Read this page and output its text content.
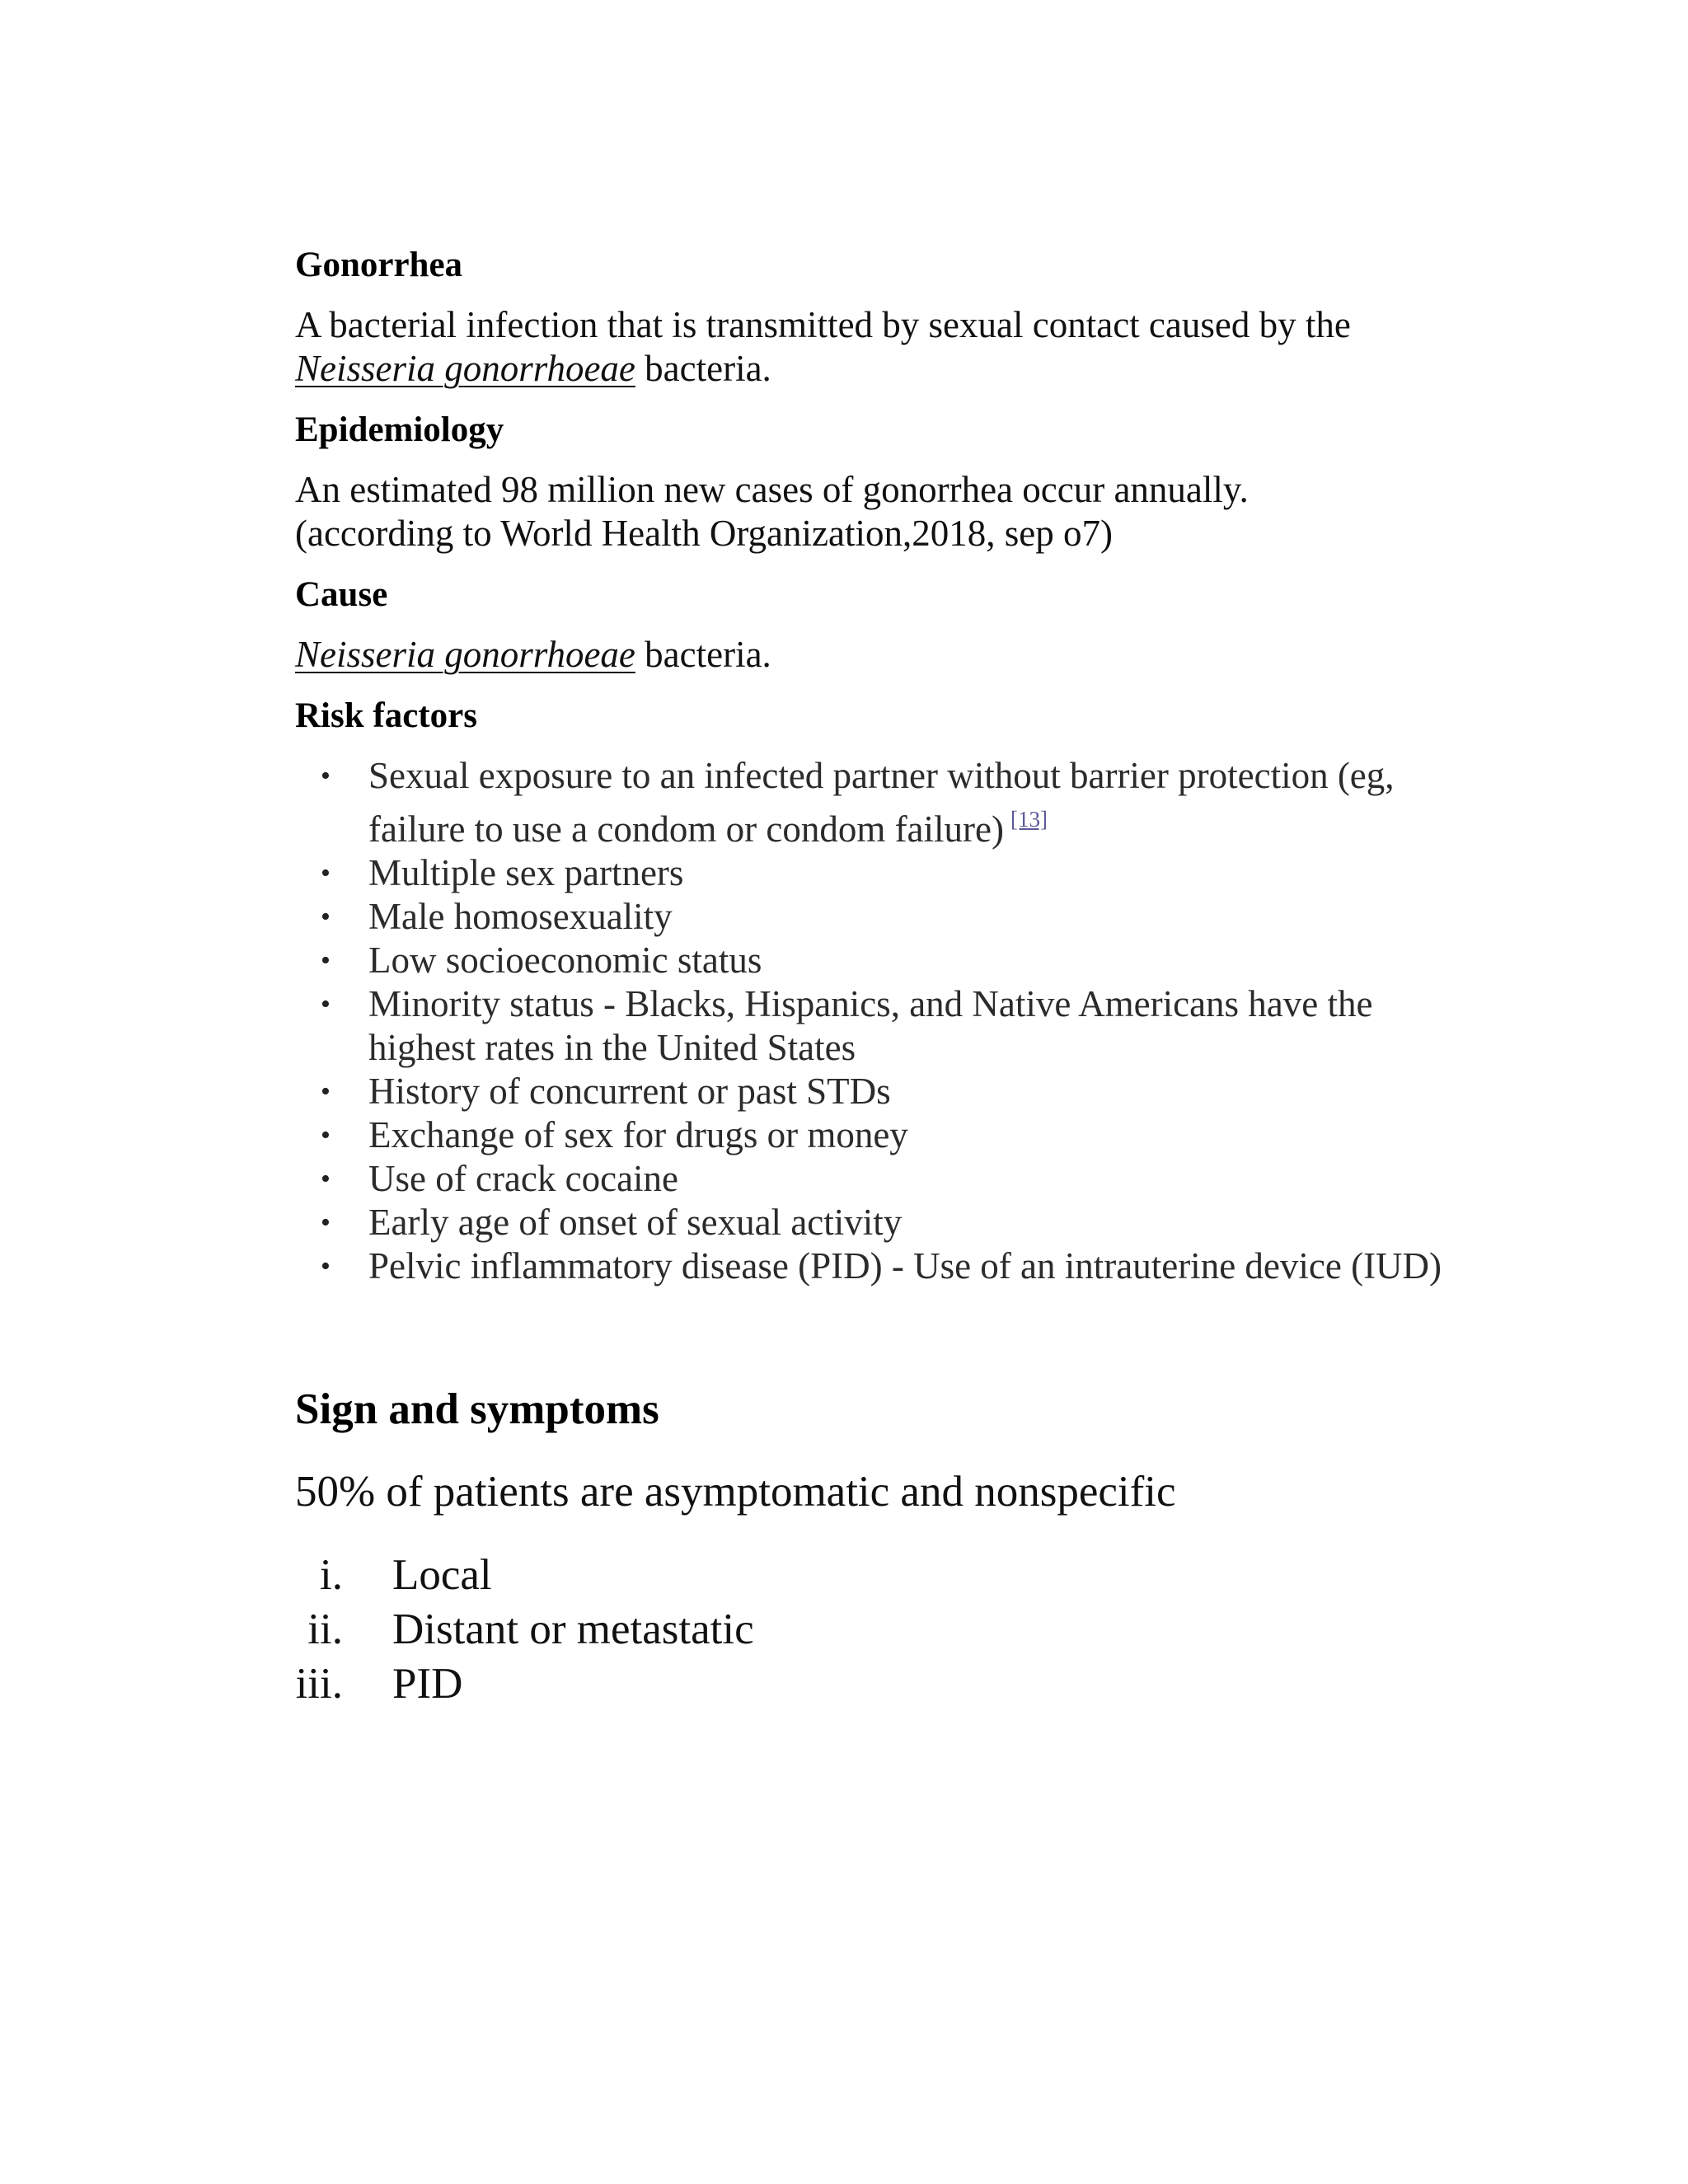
Gonorrhea

A bacterial infection that is transmitted by sexual contact caused by the
Neisseria gonorrhoeae bacteria.

Epidemiology

An estimated 98 million new cases of gonorrhea occur annually.
(according to World Health Organization,2018, sep o7)

Cause

Neisseria gonorrhoeae bacteria.

Risk factors
• Sexual exposure to an infected partner without barrier protection (eg, failure to use a condom or condom failure) [13]
• Multiple sex partners
• Male homosexuality
• Low socioeconomic status
• Minority status - Blacks, Hispanics, and Native Americans have the highest rates in the United States
• History of concurrent or past STDs
• Exchange of sex for drugs or money
• Use of crack cocaine
• Early age of onset of sexual activity
• Pelvic inflammatory disease (PID) - Use of an intrauterine device (IUD)
Sign and symptoms

50% of patients are asymptomatic and nonspecific

i. Local
ii. Distant or metastatic
iii. PID
